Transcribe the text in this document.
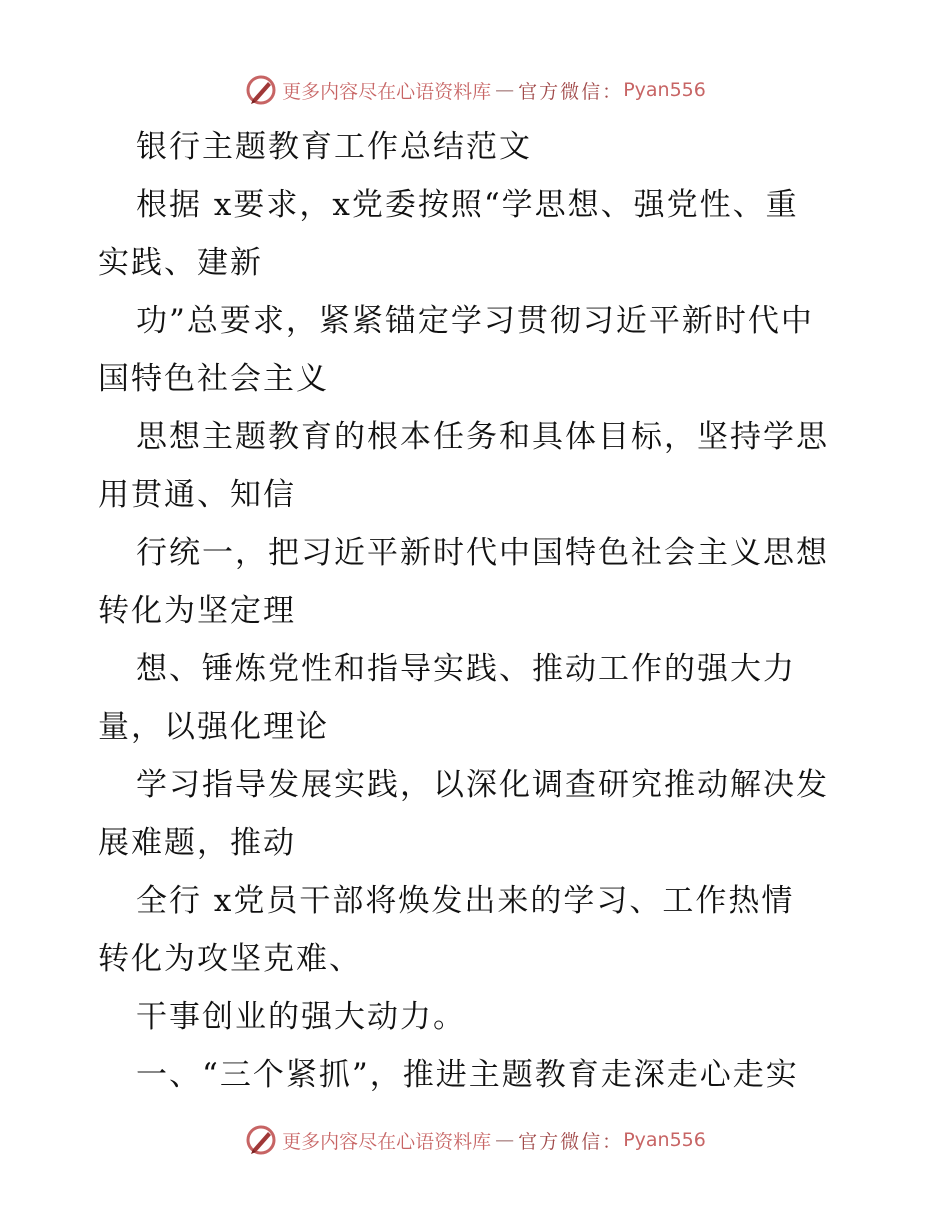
更多内容尽在心语资料库 — 官方微信： Pyan556
银行主题教育工作总结范文
根据 x要求，x党委按照“学思想、强党性、重
实践、建新
功”总要求，紧紧锚定学习贯彻习近平新时代中
国特色社会主义
思想主题教育的根本任务和具体目标，坚持学思
用贯通、知信
行统一，把习近平新时代中国特色社会主义思想
转化为坚定理
想、锤炼党性和指导实践、推动工作的强大力
量，以强化理论
学习指导发展实践，以深化调查研究推动解决发
展难题，推动
全行 x党员干部将焕发出来的学习、工作热情
转化为攻坚克难、
干事创业的强大动力。
一、“三个紧抓”，推进主题教育走深走心走实
更多内容尽在心语资料库 — 官方微信： Pyan556
